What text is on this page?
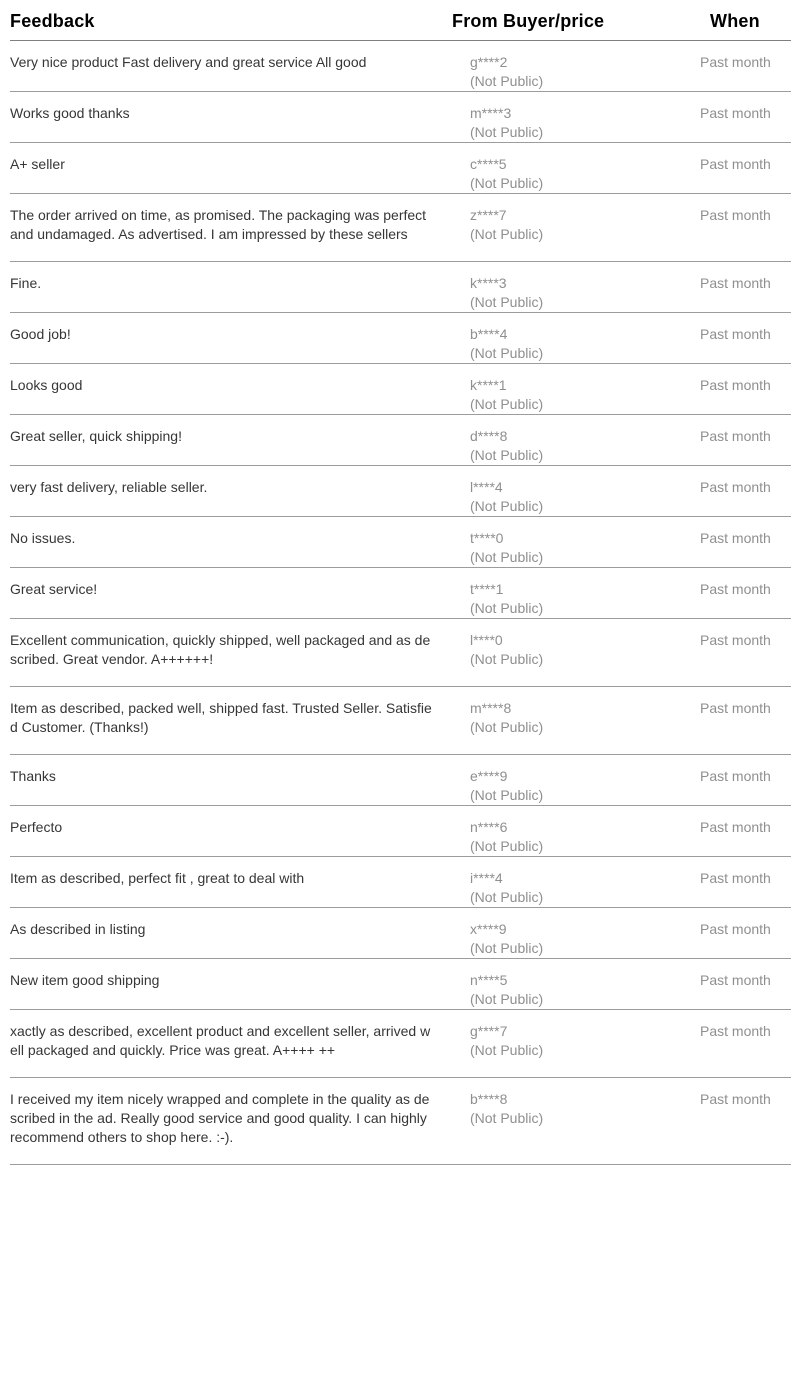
Feedback	From Buyer/price	When
Very nice product Fast delivery and great service All good	g****2
(Not Public)
Past month
Works good thanks	m****3
(Not Public)
Past month
A+ seller	c****5
(Not Public)
Past month
The order arrived on time, as promised. The packaging was perfect and undamaged. As advertised. I am impressed by these sellers
z****7
(Not Public)
Past month
Fine.	k****3
(Not Public)
Past month
Good job!	b****4
(Not Public)
Past month
Looks good	k****1
(Not Public)
Past month
Great seller, quick shipping!	d****8
(Not Public)
Past month
very fast delivery, reliable seller.	l****4
(Not Public)
Past month
No issues.	t****0
(Not Public)
Past month
Great service!	t****1
(Not Public)
Past month
Excellent communication, quickly shipped, well packaged and as described. Great vendor. A++++++!
l****0
(Not Public)
Past month
Item as described, packed well, shipped fast. Trusted Seller. Satisfied Customer. (Thanks!)
m****8
(Not Public)
Past month
Thanks	e****9
(Not Public)
Past month
Perfecto	n****6
(Not Public)
Past month
Item as described, perfect fit , great to deal with	i****4
(Not Public)
Past month
As described in listing	x****9
(Not Public)
Past month
New item good shipping	n****5
(Not Public)
Past month
xactly as described, excellent product and excellent seller, arrived well packaged and quickly. Price was great. A++++ ++
g****7
(Not Public)
Past month
I received my item nicely wrapped and complete in the quality as described in the ad. Really good service and good quality. I can highly recommend others to shop here. :-).
b****8
(Not Public)
Past month
